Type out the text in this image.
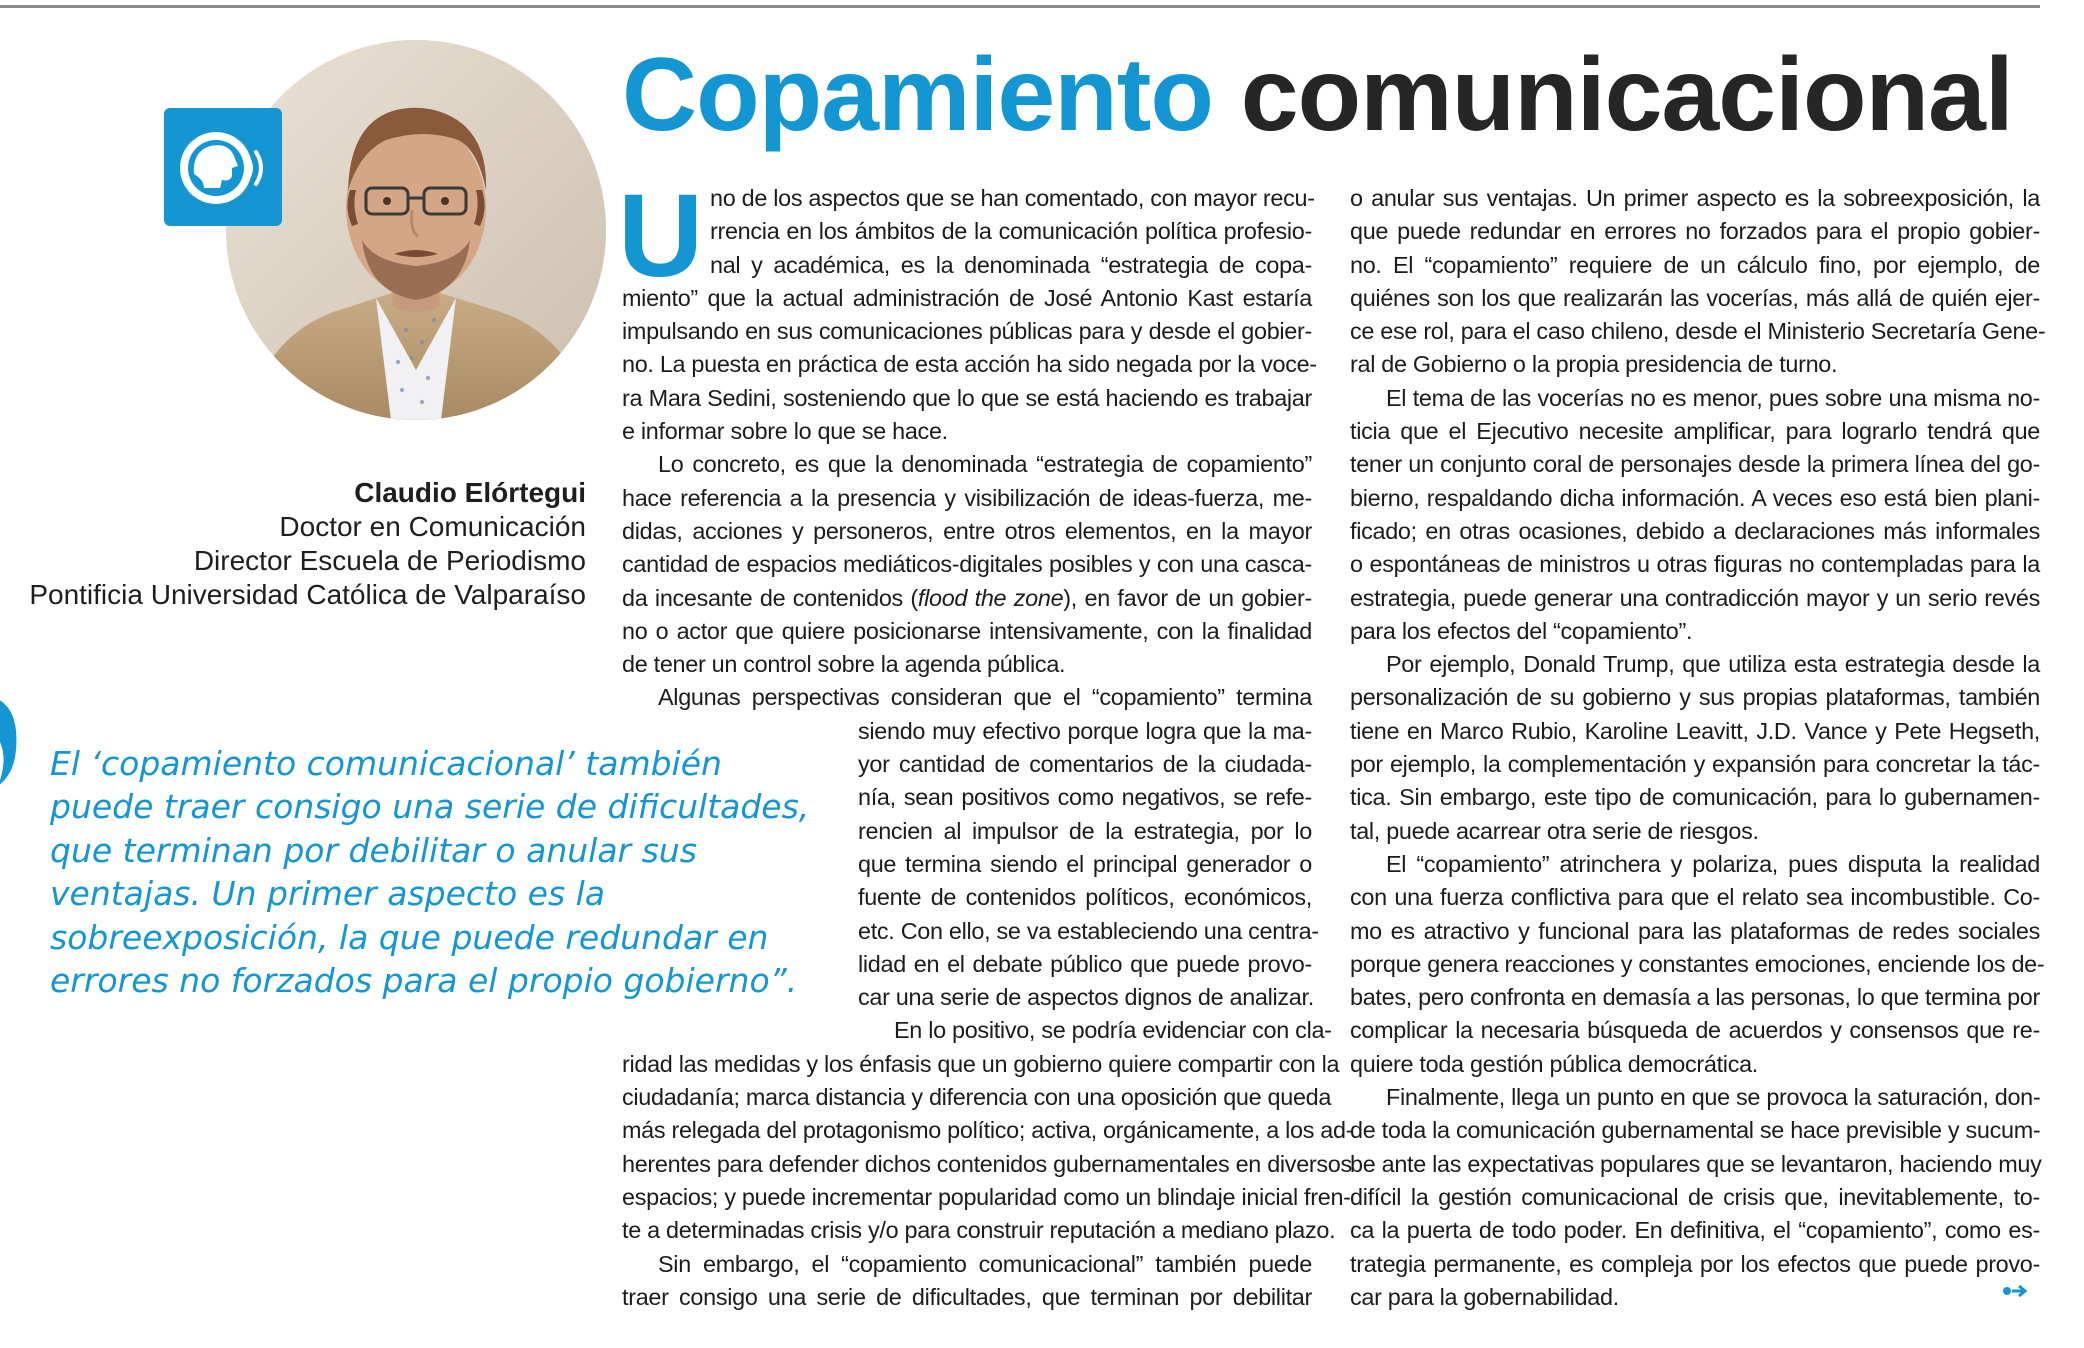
Copamiento comunicacional
Claudio Elórtegui
Doctor en Comunicación
Director Escuela de Periodismo
Pontificia Universidad Católica de Valparaíso
El ‘copamiento comunicacional’ también
puede traer consigo una serie de dificultades,
que terminan por debilitar o anular sus
ventajas. Un primer aspecto es la
sobreexposición, la que puede redundar en
errores no forzados para el propio gobierno”.
U no de los aspectos que se han comentado, con mayor recu-
rrencia en los ámbitos de la comunicación política profesio-
nal y académica, es la denominada “estrategia de copa-
miento” que la actual administración de José Antonio Kast estaría
impulsando en sus comunicaciones públicas para y desde el gobier-
no. La puesta en práctica de esta acción ha sido negada por la voce-
ra Mara Sedini, sosteniendo que lo que se está haciendo es trabajar
e informar sobre lo que se hace.
Lo concreto, es que la denominada “estrategia de copamiento”
hace referencia a la presencia y visibilización de ideas-fuerza, me-
didas, acciones y personeros, entre otros elementos, en la mayor
cantidad de espacios mediáticos-digitales posibles y con una casca-
da incesante de contenidos (flood the zone), en favor de un gobier-
no o actor que quiere posicionarse intensivamente, con la finalidad
de tener un control sobre la agenda pública.
Algunas perspectivas consideran que el “copamiento” termina
siendo muy efectivo porque logra que la ma-
yor cantidad de comentarios de la ciudada-
nía, sean positivos como negativos, se refe-
rencien al impulsor de la estrategia, por lo
que termina siendo el principal generador o
fuente de contenidos políticos, económicos,
etc. Con ello, se va estableciendo una centra-
lidad en el debate público que puede provo-
car una serie de aspectos dignos de analizar.
En lo positivo, se podría evidenciar con cla-
ridad las medidas y los énfasis que un gobierno quiere compartir con la
ciudadanía; marca distancia y diferencia con una oposición que queda
más relegada del protagonismo político; activa, orgánicamente, a los ad-
herentes para defender dichos contenidos gubernamentales en diversos
espacios; y puede incrementar popularidad como un blindaje inicial fren-
te a determinadas crisis y/o para construir reputación a mediano plazo.
Sin embargo, el “copamiento comunicacional” también puede
traer consigo una serie de dificultades, que terminan por debilitar
o anular sus ventajas. Un primer aspecto es la sobreexposición, la
que puede redundar en errores no forzados para el propio gobier-
no. El “copamiento” requiere de un cálculo fino, por ejemplo, de
quiénes son los que realizarán las vocerías, más allá de quién ejer-
ce ese rol, para el caso chileno, desde el Ministerio Secretaría Gene-
ral de Gobierno o la propia presidencia de turno.
El tema de las vocerías no es menor, pues sobre una misma no-
ticia que el Ejecutivo necesite amplificar, para lograrlo tendrá que
tener un conjunto coral de personajes desde la primera línea del go-
bierno, respaldando dicha información. A veces eso está bien plani-
ficado; en otras ocasiones, debido a declaraciones más informales
o espontáneas de ministros u otras figuras no contempladas para la
estrategia, puede generar una contradicción mayor y un serio revés
para los efectos del “copamiento”.
Por ejemplo, Donald Trump, que utiliza esta estrategia desde la
personalización de su gobierno y sus propias plataformas, también
tiene en Marco Rubio, Karoline Leavitt, J.D. Vance y Pete Hegseth,
por ejemplo, la complementación y expansión para concretar la tác-
tica. Sin embargo, este tipo de comunicación, para lo gubernamen-
tal, puede acarrear otra serie de riesgos.
El “copamiento” atrinchera y polariza, pues disputa la realidad
con una fuerza conflictiva para que el relato sea incombustible. Co-
mo es atractivo y funcional para las plataformas de redes sociales
porque genera reacciones y constantes emociones, enciende los de-
bates, pero confronta en demasía a las personas, lo que termina por
complicar la necesaria búsqueda de acuerdos y consensos que re-
quiere toda gestión pública democrática.
Finalmente, llega un punto en que se provoca la saturación, don-
de toda la comunicación gubernamental se hace previsible y sucum-
be ante las expectativas populares que se levantaron, haciendo muy
difícil la gestión comunicacional de crisis que, inevitablemente, to-
ca la puerta de todo poder. En definitiva, el “copamiento”, como es-
trategia permanente, es compleja por los efectos que puede provo-
car para la gobernabilidad.
